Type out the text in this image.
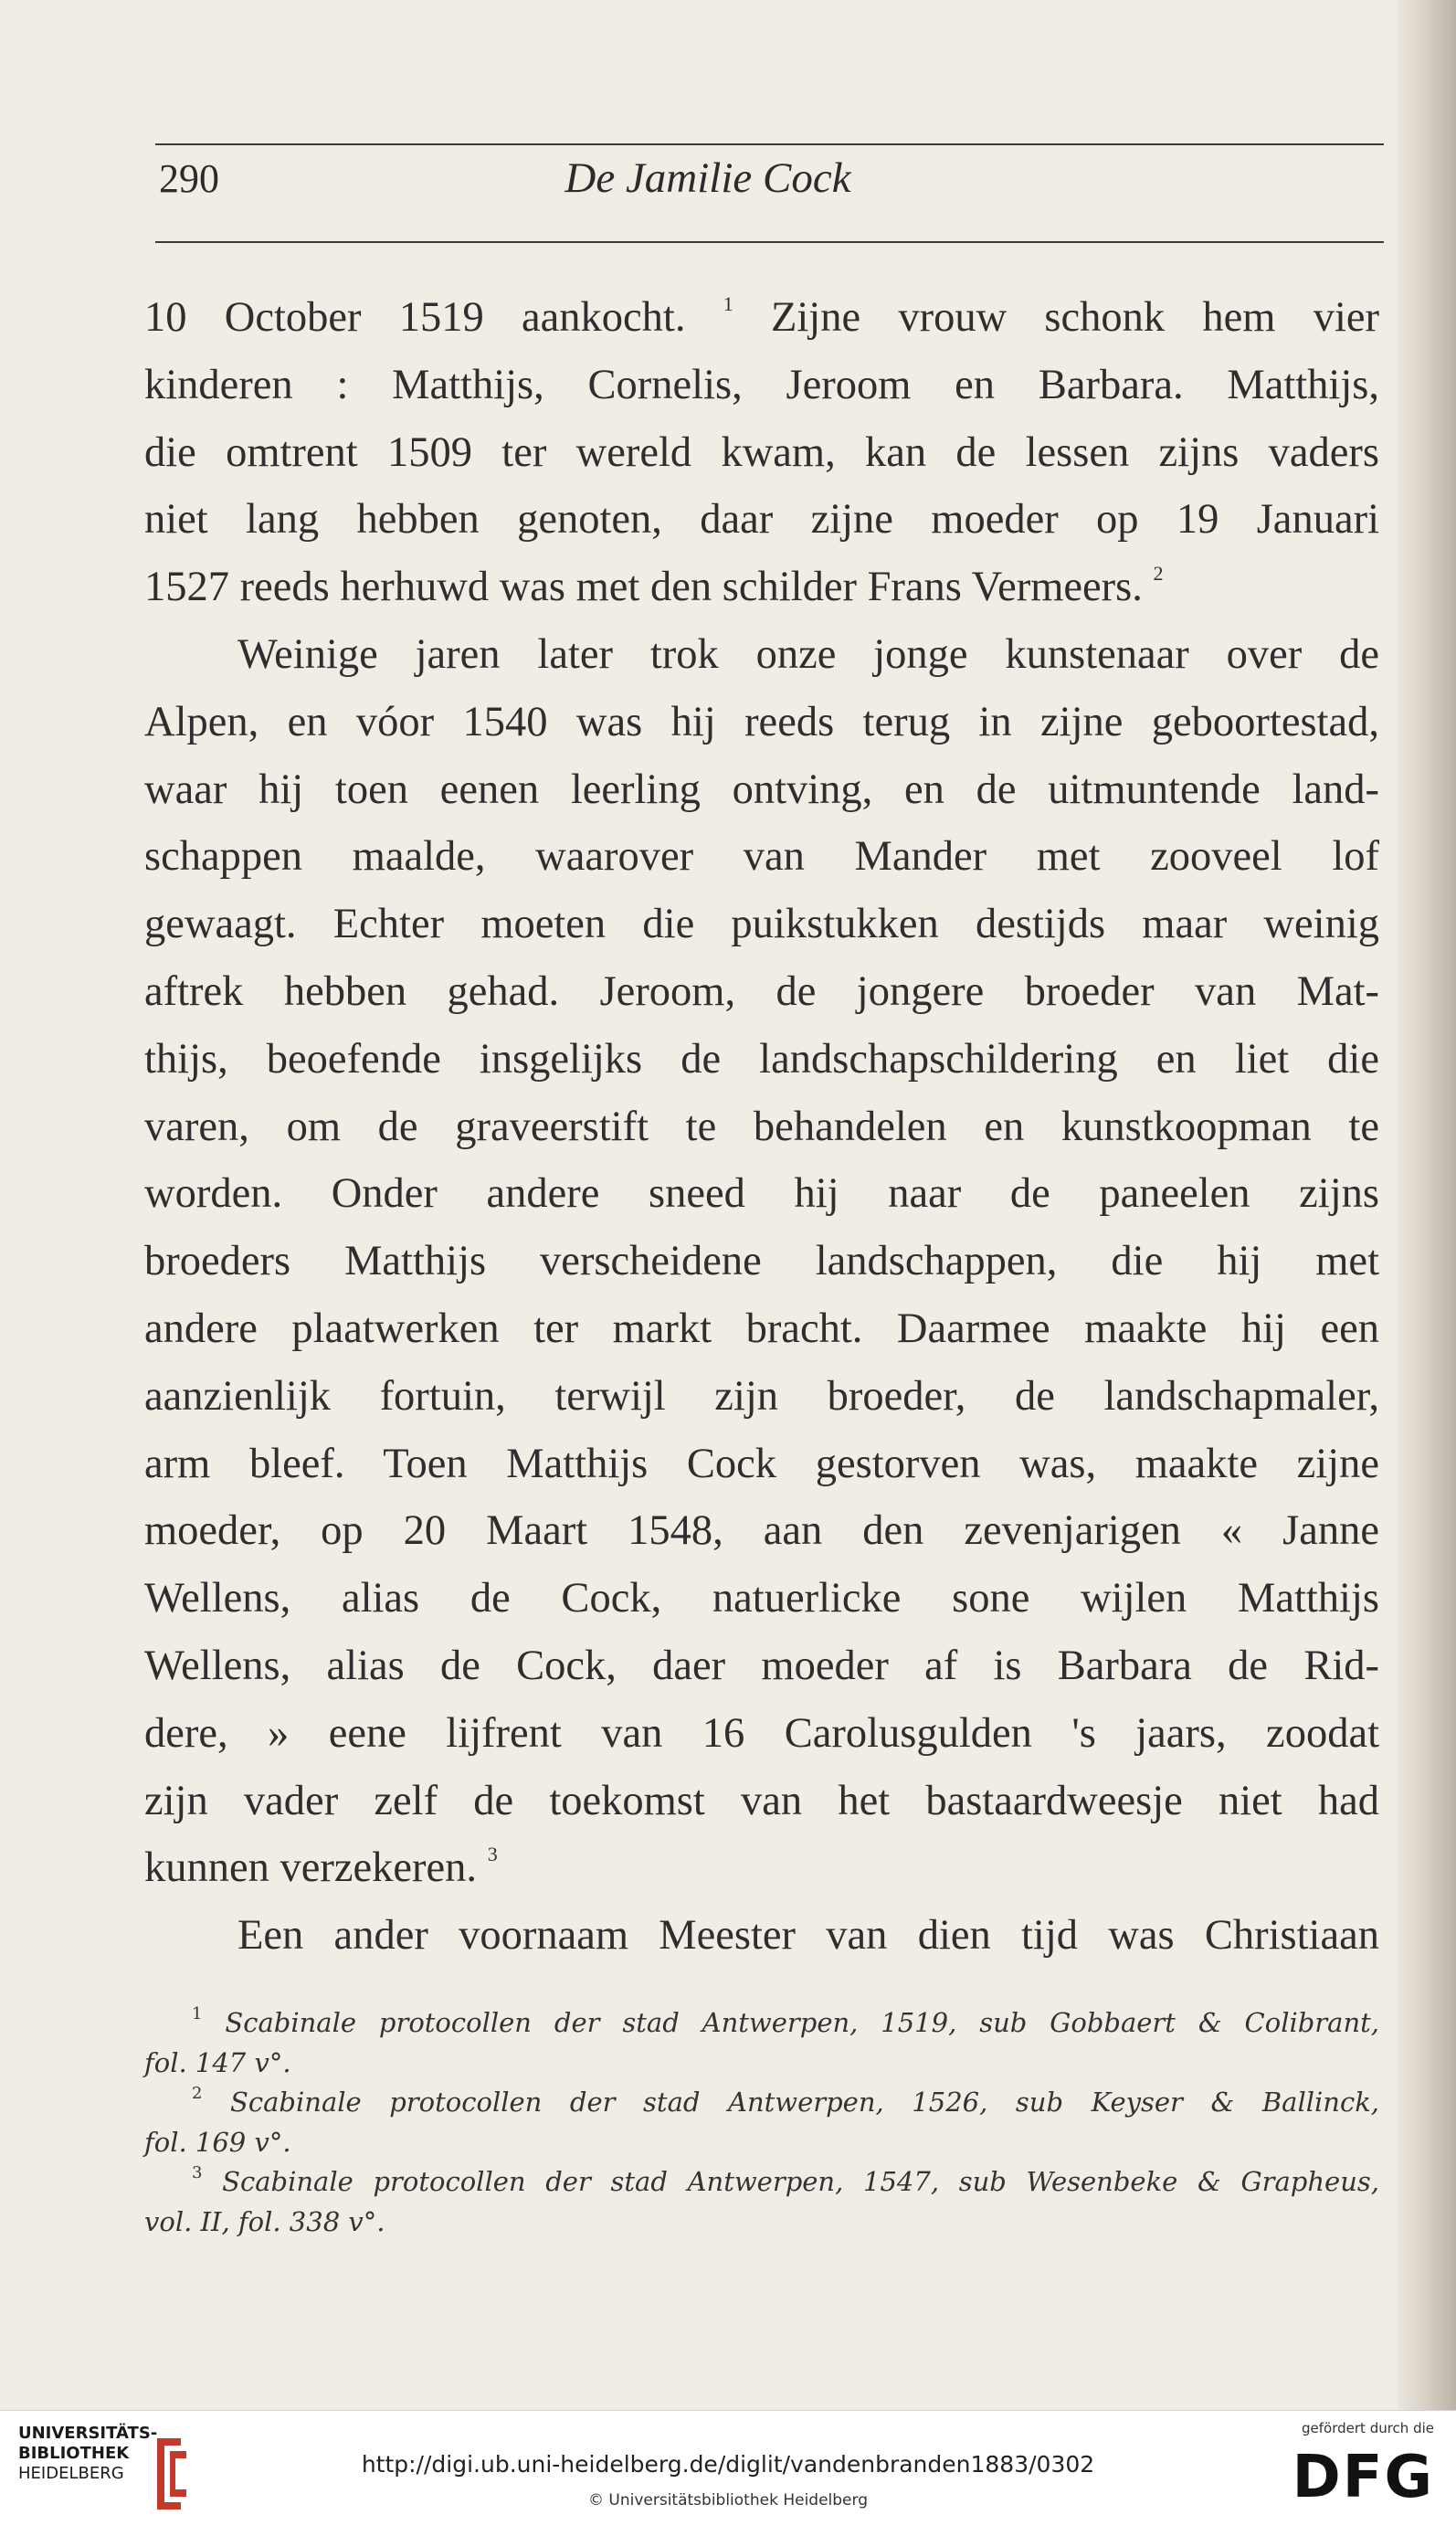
290	De Jamilie Cock
10 October 1519 aankocht. $^1$ Zijne vrouw schonk hem vier
kinderen : Matthijs, Cornelis, Jeroom en Barbara. Matthijs,
die omtrent 1509 ter wereld kwam, kan de lessen zijns vaders
niet lang hebben genoten, daar zijne moeder op 19 Januari
1527 reeds herhuwd was met den schilder Frans Vermeers. $^2$
Weinige jaren later trok onze jonge kunstenaar over de
Alpen, en vóor 1540 was hij reeds terug in zijne geboortestad,
waar hij toen eenen leerling ontving, en de uitmuntende land-
schappen maalde, waarover van Mander met zooveel lof
gewaagt. Echter moeten die puikstukken destijds maar weinig
aftrek hebben gehad. Jeroom, de jongere broeder van Mat-
thijs, beoefende insgelijks de landschapschildering en liet die
varen, om de graveerstift te behandelen en kunstkoopman te
worden. Onder andere sneed hij naar de paneelen zijns
broeders Matthijs verscheidene landschappen, die hij met
andere plaatwerken ter markt bracht. Daarmee maakte hij een
aanzienlijk fortuin, terwijl zijn broeder, de landschapmaler,
arm bleef. Toen Matthijs Cock gestorven was, maakte zijne
moeder, op 20 Maart 1548, aan den zevenjarigen « Janne
Wellens, alias de Cock, natuerlicke sone wijlen Matthijs
Wellens, alias de Cock, daer moeder af is Barbara de Rid-
dere, » eene lijfrent van 16 Carolusgulden 's jaars, zoodat
zijn vader zelf de toekomst van het bastaardweesje niet had
kunnen verzekeren. $^3$
Een ander voornaam Meester van dien tijd was Christiaan
$^1$ Scabinale protocollen der stad Antwerpen, 1519, sub Gobbaert & Colibrant,
fol. 147 v°.
$^2$ Scabinale protocollen der stad Antwerpen, 1526, sub Keyser & Ballinck,
fol. 169 v°.
$^3$ Scabinale protocollen der stad Antwerpen, 1547, sub Wesenbeke & Grapheus,
vol. II, fol. 338 v°.
UNIVERSITÄTS-
BIBLIOTHEK
HEIDELBERG	http://digi.ub.uni-heidelberg.de/diglit/vandenbranden1883/0302
© Universitätsbibliothek Heidelberg
gefördert durch die
DFG
